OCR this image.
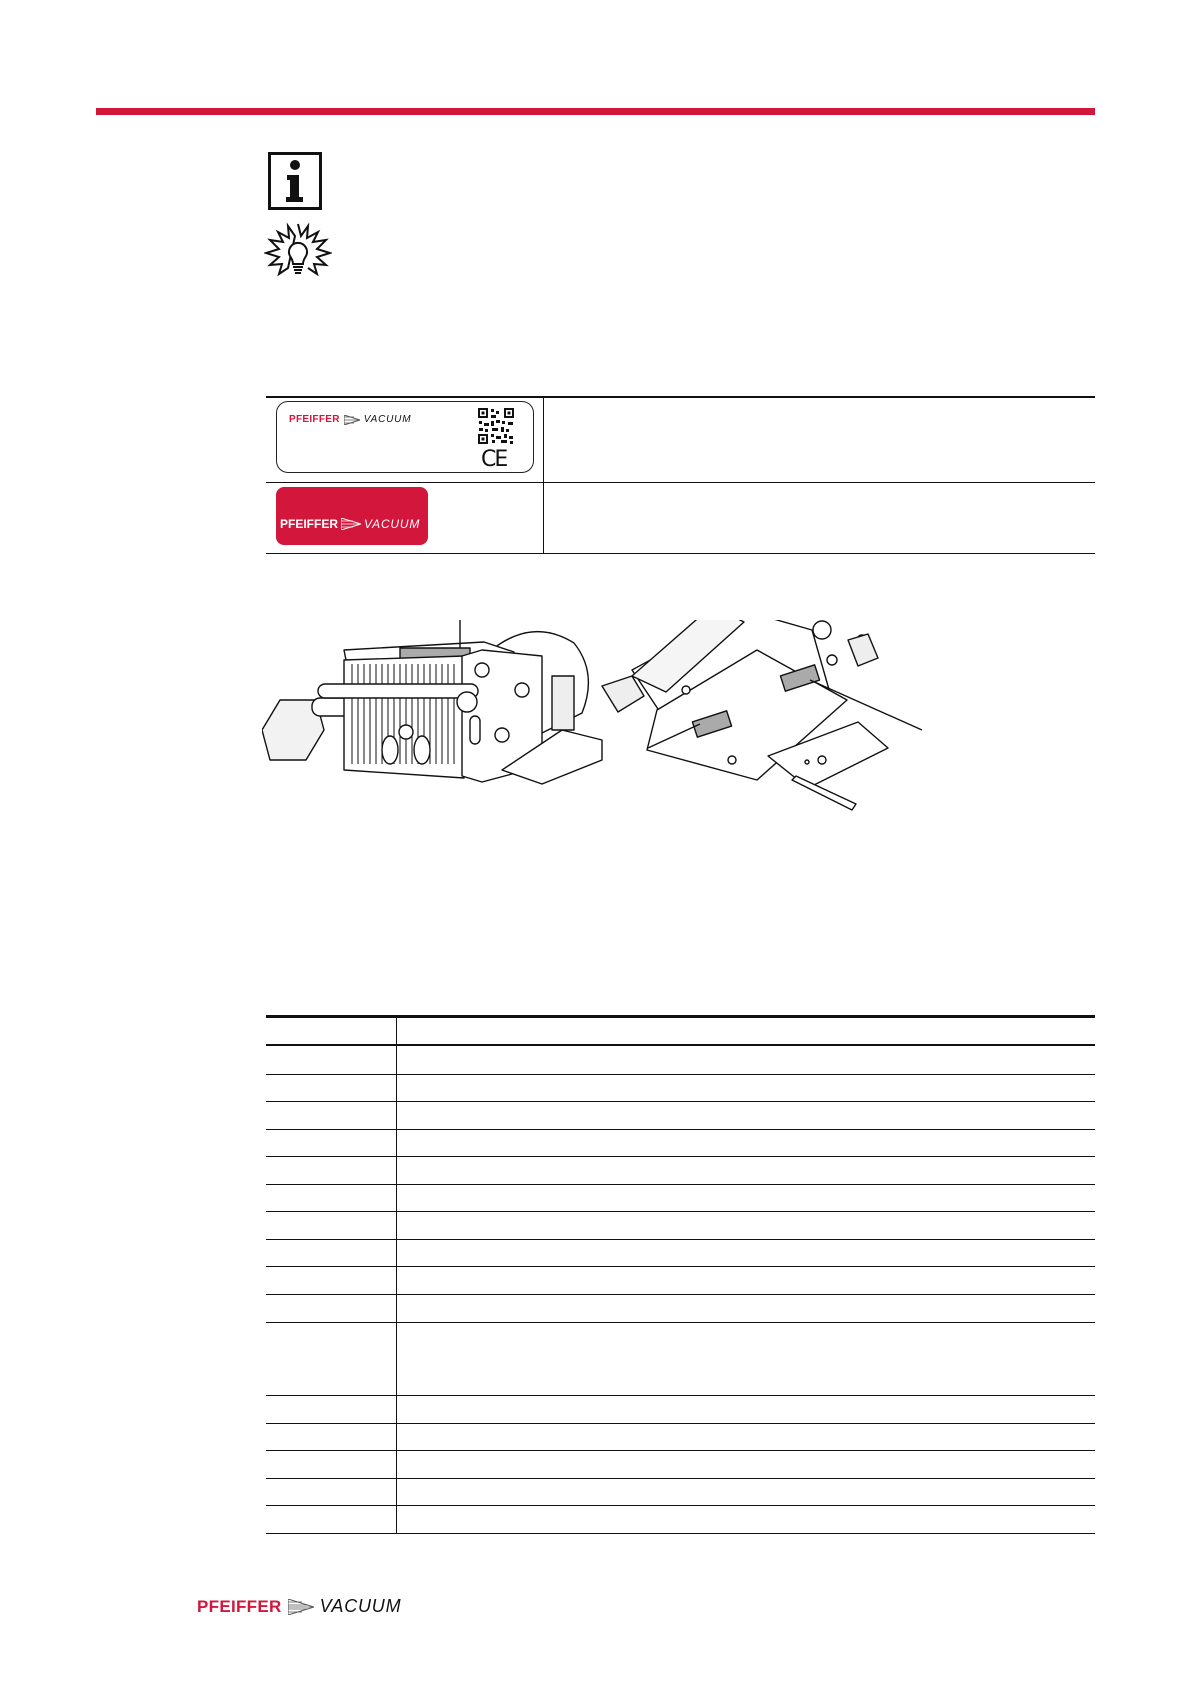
PFEIFFER VACUUM
CE
PFEIFFER VACUUM
PFEIFFER VACUUM
